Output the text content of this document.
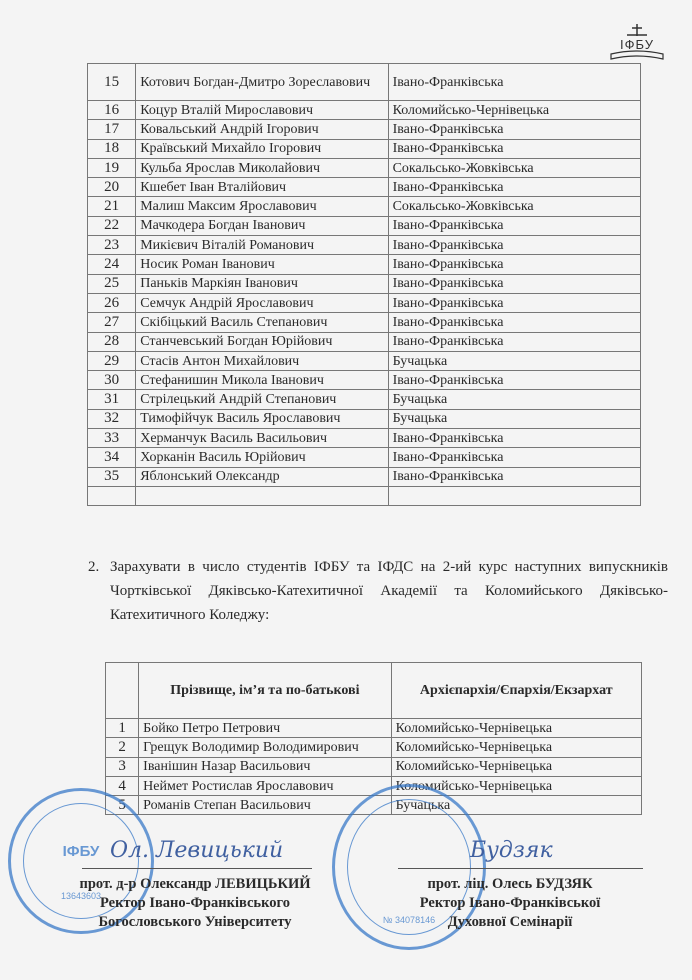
ІФБУ
15	Котович Богдан-Дмитро Зореславович	Івано-Франківська
16	Коцур Вталій Мирославович	Коломийсько-Чернівецька
17	Ковальський Андрій Ігорович	Івано-Франківська
18	Краївський Михайло Ігорович	Івано-Франківська
19	Кульба Ярослав Миколайович	Сокальсько-Жовківська
20	Кшебет Іван Вталійович	Івано-Франківська
21	Малиш Максим Ярославович	Сокальсько-Жовківська
22	Мачкодера Богдан Іванович	Івано-Франківська
23	Микієвич Віталій Романович	Івано-Франківська
24	Носик Роман Іванович	Івано-Франківська
25	Паньків Маркіян Іванович	Івано-Франківська
26	Семчук Андрій Ярославович	Івано-Франківська
27	Скібіцький Василь Степанович	Івано-Франківська
28	Станчевський Богдан Юрійович	Івано-Франківська
29	Стасів Антон Михайлович	Бучацька
30	Стефанишин Микола Іванович	Івано-Франківська
31	Стрілецький Андрій Степанович	Бучацька
32	Тимофійчук Василь Ярославович	Бучацька
33	Херманчук Василь Васильович	Івано-Франківська
34	Хорканін Василь Юрійович	Івано-Франківська
35	Яблонський Олександр	Івано-Франківська

2. Зарахувати в число студентів ІФБУ та ІФДС на 2-ий курс наступних випускників Чортківської Дяківсько-Катехитичної Академії та Коломийського Дяківсько-Катехитичного Коледжу:
	Прізвище, ім’я та по-батькові	Архієпархія/Єпархія/Екзархат
1	Бойко Петро Петрович	Коломийсько-Чернівецька
2	Грещук Володимир Володимирович	Коломийсько-Чернівецька
3	Іванішин Назар Васильович	Коломийсько-Чернівецька
4	Неймет Ростислав Ярославович	Коломийсько-Чернівецька
5	Романів Степан Васильович	Бучацька
ІФБУ
13643603
№ 34078146
Ол. Левицький	Будзяк
прот. д-р Олександр ЛЕВИЦЬКИЙ
Ректор Івано-Франківського
Богословського Університету
прот. ліц. Олесь БУДЗЯК
Ректор Івано-Франківської
Духовної Семінарії
